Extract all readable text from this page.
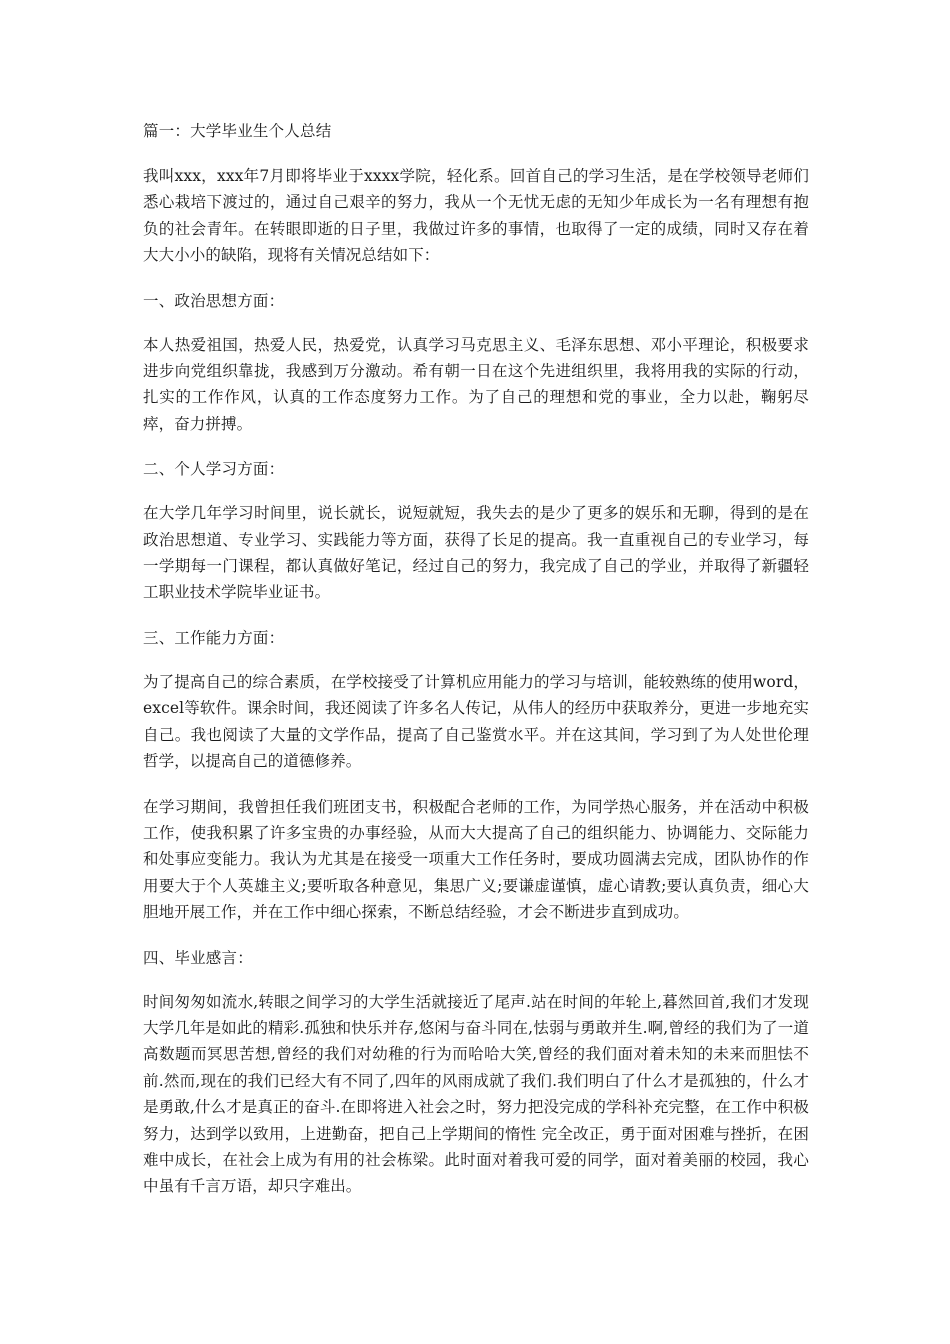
篇一：大学毕业生个人总结

我叫xxx，xxx年7月即将毕业于xxxx学院，轻化系。回首自己的学习生活，是在学校领导老师们悉心栽培下渡过的，通过自己艰辛的努力，我从一个无忧无虑的无知少年成长为一名有理想有抱负的社会青年。在转眼即逝的日子里，我做过许多的事情，也取得了一定的成绩，同时又存在着大大小小的缺陷，现将有关情况总结如下：

一、政治思想方面：

本人热爱祖国，热爱人民，热爱党，认真学习马克思主义、毛泽东思想、邓小平理论，积极要求进步向党组织靠拢，我感到万分激动。希有朝一日在这个先进组织里，我将用我的实际的行动，扎实的工作作风，认真的工作态度努力工作。为了自己的理想和党的事业，全力以赴，鞠躬尽瘁，奋力拼搏。

二、个人学习方面：

在大学几年学习时间里，说长就长，说短就短，我失去的是少了更多的娱乐和无聊，得到的是在政治思想道、专业学习、实践能力等方面，获得了长足的提高。我一直重视自己的专业学习，每一学期每一门课程，都认真做好笔记，经过自己的努力，我完成了自己的学业，并取得了新疆轻工职业技术学院毕业证书。

三、工作能力方面：

为了提高自己的综合素质，在学校接受了计算机应用能力的学习与培训，能较熟练的使用word，excel等软件。课余时间，我还阅读了许多名人传记，从伟人的经历中获取养分，更进一步地充实自己。我也阅读了大量的文学作品，提高了自己鉴赏水平。并在这其间，学习到了为人处世伦理哲学，以提高自己的道德修养。

在学习期间，我曾担任我们班团支书，积极配合老师的工作，为同学热心服务，并在活动中积极工作，使我积累了许多宝贵的办事经验，从而大大提高了自己的组织能力、协调能力、交际能力和处事应变能力。我认为尤其是在接受一项重大工作任务时，要成功圆满去完成，团队协作的作用要大于个人英雄主义;要听取各种意见，集思广义;要谦虚谨慎，虚心请教;要认真负责，细心大胆地开展工作，并在工作中细心探索，不断总结经验，才会不断进步直到成功。

四、毕业感言：

时间匆匆如流水,转眼之间学习的大学生活就接近了尾声.站在时间的年轮上,暮然回首,我们才发现大学几年是如此的精彩.孤独和快乐并存,悠闲与奋斗同在,怯弱与勇敢并生.啊,曾经的我们为了一道高数题而冥思苦想,曾经的我们对幼稚的行为而哈哈大笑,曾经的我们面对着未知的未来而胆怯不前.然而,现在的我们已经大有不同了,四年的风雨成就了我们.我们明白了什么才是孤独的，什么才是勇敢,什么才是真正的奋斗.在即将进入社会之时，努力把没完成的学科补充完整，在工作中积极努力，达到学以致用，上进勤奋，把自己上学期间的惰性 完全改正，勇于面对困难与挫折，在困难中成长，在社会上成为有用的社会栋梁。此时面对着我可爱的同学，面对着美丽的校园，我心中虽有千言万语，却只字难出。
